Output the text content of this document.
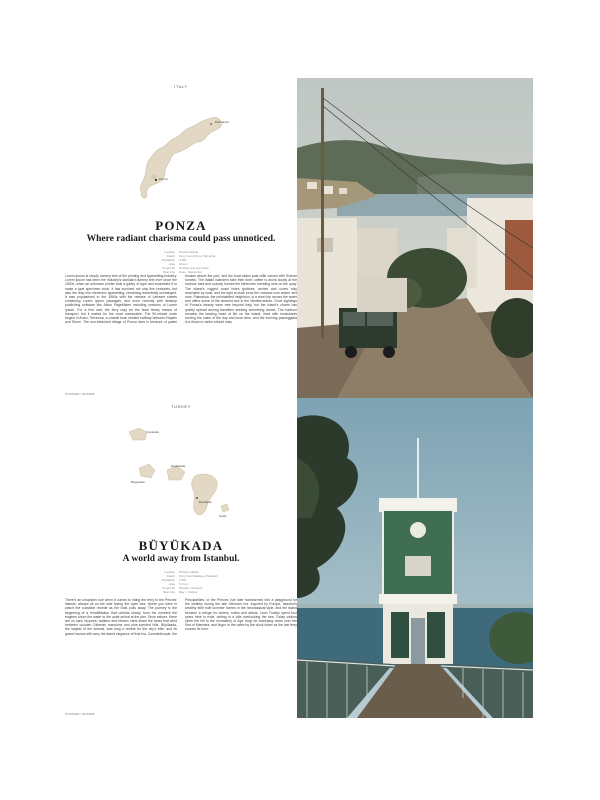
ITALY
Ponza
Palmarola
PONZA
Where radiant charisma could pass unnoticed.
Location	Pontine Islands
Reach	Ferry from Anzio or Terracina
Population	3,300
Area	10 km²
Known for	Grottoes and sea coves
Best time	June – September
Lorem ipsum is simply dummy text of the printing and typesetting industry. Lorem ipsum has been the industry's standard dummy text ever since the 1500s, when an unknown printer took a galley of type and scrambled it to make a type specimen book. It has survived not only five centuries, but also the leap into electronic typesetting, remaining essentially unchanged. It was popularised in the 1960s with the release of Letraset sheets containing Lorem Ipsum passages, and more recently with desktop publishing software like Aldus PageMaker including versions of Lorem Ipsum. For a first visit, the ferry may be the least timely means of transport, but it makes for the most memorable. The 90-minute route begins in Anzio, Terracina, a coastal town nestled halfway between Naples and Rome. The sun-bleached village of Ponza rises in terraces of pastel houses above the port, and the boat slides past cliffs carved with Roman tunnels. The Italian islanders take their time; coffee is drunk slowly at the harbour bars and nobody hurries the fishermen mending nets on the quay. The island's rugged coast hides grottoes, arches and coves only reachable by boat, and the light at dusk turns the volcanic rock amber and rose. Palmarola, the uninhabited neighbour, is a short trip across the water and offers some of the clearest sea in the Mediterranean. Once sightings of Ponza's beauty were rare beyond Italy, but the island's charm has quietly spread among travellers seeking something slower. The harbour remains the beating heart of life on the island, lined with restaurants serving the catch of the day and local wine, and the evening passeggiata is a ritual no visitor should miss.
74 PONZA / ISLANDS
TURKEY
Kınalıada
Burgazada
Heybeliada
Büyükada
Sedef
BÜYÜKADA
A world away from Istanbul.
Location	Princes' Islands
Reach	Ferry from Kabataş or Bostancı
Population	7,500
Area	5.4 km²
Known for	Wooden mansions
Best time	May – October
There's an unspoken rule when it comes to riding the ferry to the Princes' Islands: always sit on the side facing the open sea, where you were to watch the coastline recede as the boat pulls away. The journey is the beginning of a rehabilitation that unfolds slowly, from the moment the engines churn the water to the quiet arrival at the pier. Once ashore, there are no cars; bicycles, walkers and electric carts share the lanes that wind between wooden Ottoman mansions and pine-scented hills. Büyükada, the largest of the islands, was long a retreat for the city's elite, and its grand houses still carry the faded elegance of that era. Constantinople, the Principalities, or the Princes' Isle later transformed into a playground for the wealthy during the late Ottoman era. Inspired by Europe, Istanbul's wealthy elite built summer homes in the neoclassical style, and the island became a refuge for writers, exiles and artists. Leon Trotsky spent four years here in exile, writing in a villa overlooking the sea. Today visitors climb the hill to the monastery of Aya Yorgi for sweeping views over the Sea of Marmara, and linger in the cafés by the clock tower as the last ferry sounds its horn.
76 PONZA / ISLANDS
